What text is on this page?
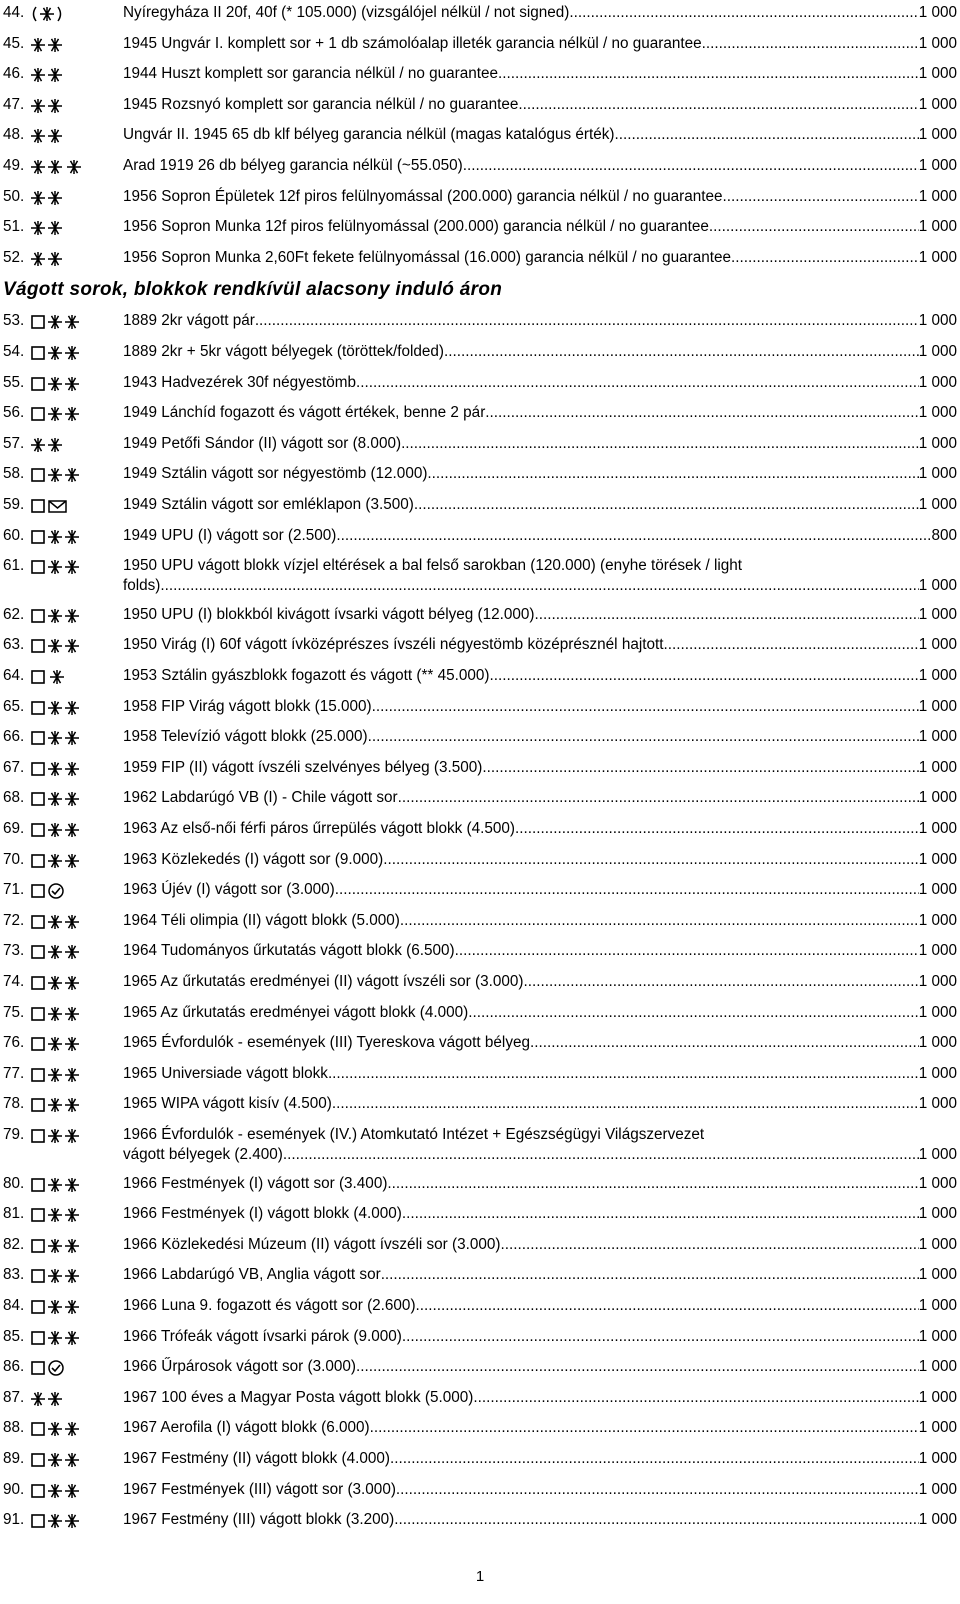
44.	Nyíregyháza II 20f, 40f (* 105.000) (vizsgálójel nélkül / not signed) .....	1 000
45.	1945 Ungvár I. komplett sor + 1 db számolóalap illeték garancia nélkül / no guarantee .....	1 000
46.	1944 Huszt komplett sor garancia nélkül / no guarantee .....	1 000
47.	1945 Rozsnyó komplett sor garancia nélkül / no guarantee .....	1 000
48.	Ungvár II. 1945 65 db klf bélyeg garancia nélkül (magas katalógus érték) .....	1 000
49.	Arad 1919 26 db bélyeg garancia nélkül (~55.050) .....	1 000
50.	1956 Sopron Épületek 12f piros felülnyomással (200.000) garancia nélkül / no guarantee .....	1 000
51.	1956 Sopron Munka 12f piros felülnyomással (200.000) garancia nélkül / no guarantee .....	1 000
52.	1956 Sopron Munka 2,60Ft fekete felülnyomással (16.000) garancia nélkül / no guarantee .....	1 000
53.	1889 2kr vágott pár .....	1 000
54.	1889 2kr + 5kr vágott bélyegek (töröttek/folded) .....	1 000
55.	1943 Hadvezérek 30f négyestömb .....	1 000
56.	1949 Lánchíd fogazott és vágott értékek, benne 2 pár .....	1 000
57.	1949 Petőfi Sándor (II) vágott sor (8.000) .....	1 000
58.	1949 Sztálin vágott sor négyestömb (12.000) .....	1 000
59.	1949 Sztálin vágott sor emléklapon (3.500) .....	1 000
60.	1949 UPU (I) vágott sor (2.500) .....	800
61.	1950 UPU vágott blokk vízjel eltérések a bal felső sarokban (120.000) (enyhe törések / light
folds) .....	1 000
62.	1950 UPU (I) blokkból kivágott ívsarki vágott bélyeg (12.000) .....	1 000
63.	1950 Virág (I) 60f vágott ívközéprészes ívszéli négyestömb középrésznél hajtott .....	1 000
64.	1953 Sztálin gyászblokk fogazott és vágott (** 45.000) .....	1 000
65.	1958 FIP Virág vágott blokk (15.000) .....	1 000
66.	1958 Televízió vágott blokk (25.000) .....	1 000
67.	1959 FIP (II) vágott ívszéli szelvényes bélyeg (3.500) .....	1 000
68.	1962 Labdarúgó VB (I) - Chile vágott sor .....	1 000
69.	1963 Az első-női férfi páros űrrepülés vágott blokk (4.500) .....	1 000
70.	1963 Közlekedés (I) vágott sor (9.000) .....	1 000
71.	1963 Újév (I) vágott sor (3.000) .....	1 000
72.	1964 Téli olimpia (II) vágott blokk (5.000) .....	1 000
73.	1964 Tudományos űrkutatás vágott blokk (6.500) .....	1 000
74.	1965 Az űrkutatás eredményei (II) vágott ívszéli sor (3.000) .....	1 000
75.	1965 Az űrkutatás eredményei vágott blokk (4.000) .....	1 000
76.	1965 Évfordulók - események (III) Tyereskova vágott bélyeg .....	1 000
77.	1965 Universiade vágott blokk .....	1 000
78.	1965 WIPA vágott kisív (4.500) .....	1 000
79.	1966 Évfordulók - események (IV.) Atomkutató Intézet + Egészségügyi Világszervezet
vágott bélyegek (2.400) .....	1 000
80.	1966 Festmények (I) vágott sor (3.400) .....	1 000
81.	1966 Festmények (I) vágott blokk (4.000) .....	1 000
82.	1966 Közlekedési Múzeum (II) vágott ívszéli sor (3.000) .....	1 000
83.	1966 Labdarúgó VB, Anglia vágott sor .....	1 000
84.	1966 Luna 9. fogazott és vágott sor (2.600) .....	1 000
85.	1966 Trófeák vágott ívsarki párok (9.000) .....	1 000
86.	1966 Űrpárosok vágott sor (3.000) .....	1 000
87.	1967 100 éves a Magyar Posta vágott blokk (5.000) .....	1 000
88.	1967 Aerofila (I) vágott blokk (6.000) .....	1 000
89.	1967 Festmény (II) vágott blokk (4.000) .....	1 000
90.	1967 Festmények (III) vágott sor (3.000) .....	1 000
91.	1967 Festmény (III) vágott blokk (3.200) .....	1 000
Vágott sorok, blokkok rendkívül alacsony induló áron
1
